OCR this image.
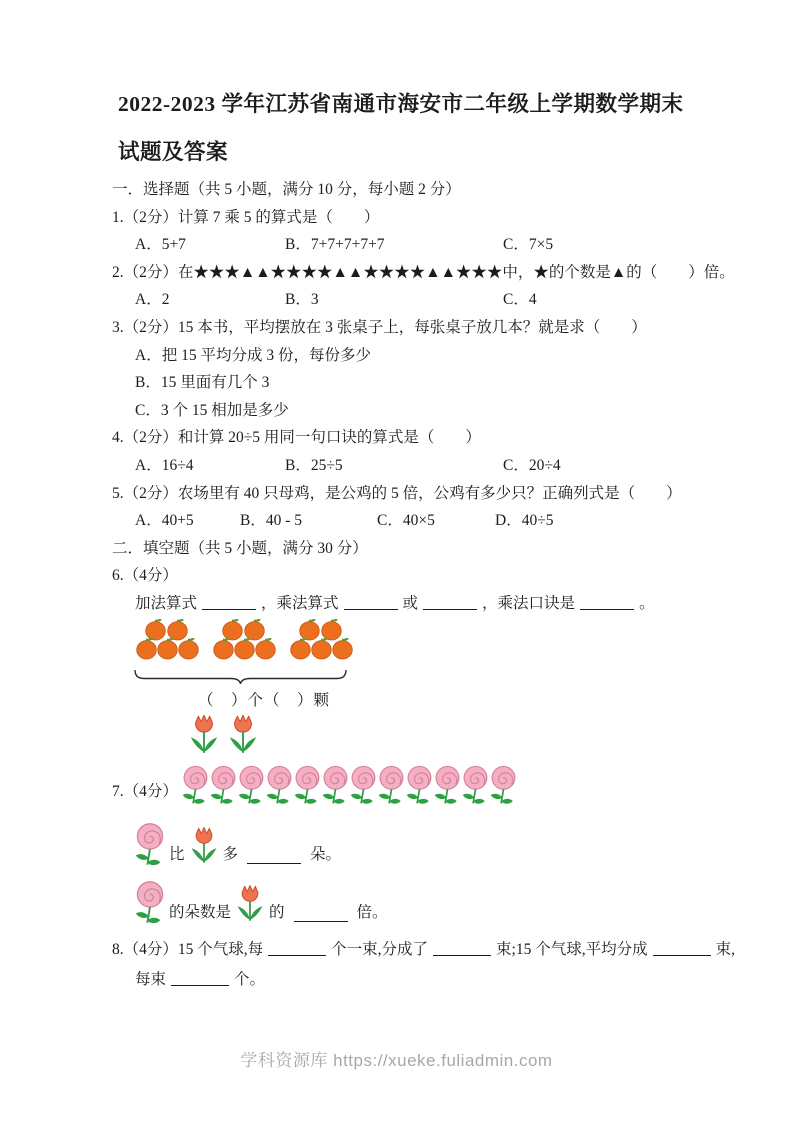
2022-2023 学年江苏省南通市海安市二年级上学期数学期末
试题及答案
一．选择题（共 5 小题，满分 10 分，每小题 2 分）
1.（2分）计算 7 乘 5 的算式是（　　）
A．5+7	B．7+7+7+7+7	C．7×5
2.（2分）在★★★▲▲★★★★▲▲★★★★▲▲★★★中，★的个数是▲的（　　）倍。
A．2	B．3	C．4
3.（2分）15 本书，平均摆放在 3 张桌子上，每张桌子放几本？就是求（　　）
A．把 15 平均分成 3 份，每份多少
B．15 里面有几个 3
C．3 个 15 相加是多少
4.（2分）和计算 20÷5 用同一句口诀的算式是（　　）
A．16÷4	B．25÷5	C．20÷4
5.（2分）农场里有 40 只母鸡，是公鸡的 5 倍，公鸡有多少只？正确列式是（　　）
A．40+5	B．40 - 5	C．40×5	D．40÷5
二．填空题（共 5 小题，满分 30 分）
6.（4分）
加法算式	，乘法算式	或	，乘法口诀是	。
（　）个（　）颗
7.（4分）
比 多	朵。
的朵数是 的	倍。
8.（4分）15 个气球,每	个一束,分成了	束;15 个气球,平均分成	束,
每束	个。
学科资源库 https://xueke.fuliadmin.com
